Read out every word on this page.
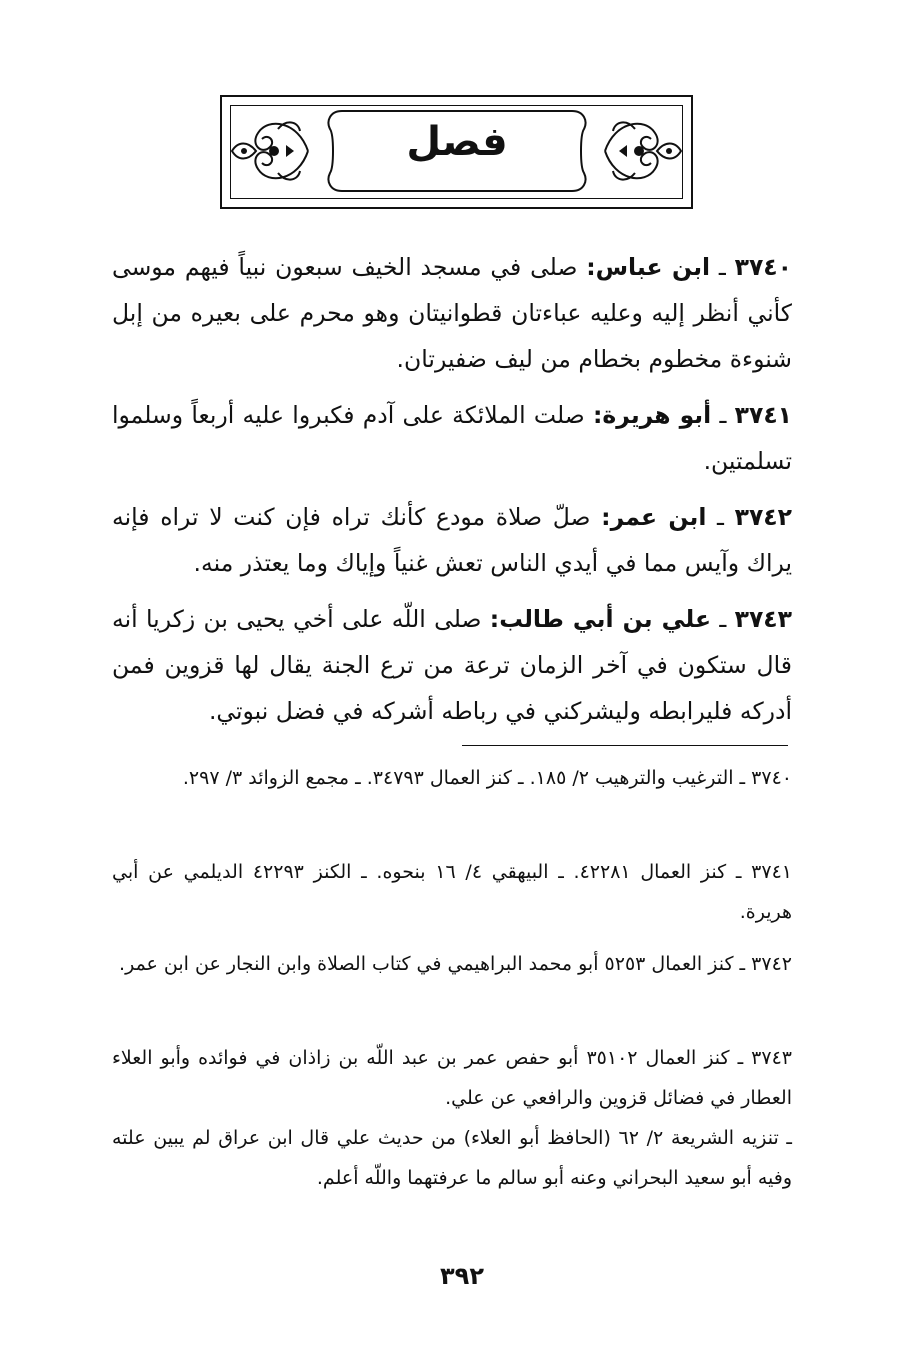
فصل
٣٧٤٠ ـ ابن عباس: صلى في مسجد الخيف سبعون نبياً فيهم موسى كأني أنظر إليه وعليه عباءتان قطوانيتان وهو محرم على بعيره من إبل شنوءة مخطوم بخطام من ليف ضفيرتان.
٣٧٤١ ـ أبو هريرة: صلت الملائكة على آدم فكبروا عليه أربعاً وسلموا تسلمتين.
٣٧٤٢ ـ ابن عمر: صلّ صلاة مودع كأنك تراه فإن كنت لا تراه فإنه يراك وآيس مما في أيدي الناس تعش غنياً وإياك وما يعتذر منه.
٣٧٤٣ ـ علي بن أبي طالب: صلى اللّه على أخي يحيى بن زكريا أنه قال ستكون في آخر الزمان ترعة من ترع الجنة يقال لها قزوين فمن أدركه فليرابطه وليشركني في رباطه أشركه في فضل نبوتي.
٣٧٤٠ ـ الترغيب والترهيب ٢/ ١٨٥. ـ كنز العمال ٣٤٧٩٣. ـ مجمع الزوائد ٣/ ٢٩٧.
٣٧٤١ ـ كنز العمال ٤٢٢٨١. ـ البيهقي ٤/ ١٦ بنحوه. ـ الكنز ٤٢٢٩٣ الديلمي عن أبي هريرة.
٣٧٤٢ ـ كنز العمال ٥٢٥٣ أبو محمد البراهيمي في كتاب الصلاة وابن النجار عن ابن عمر.
٣٧٤٣ ـ كنز العمال ٣٥١٠٢ أبو حفص عمر بن عبد اللّه بن زاذان في فوائده وأبو العلاء العطار في فضائل قزوين والرافعي عن علي.
ـ تنزيه الشريعة ٢/ ٦٢ (الحافظ أبو العلاء) من حديث علي قال ابن عراق لم يبين علته وفيه أبو سعيد البحراني وعنه أبو سالم ما عرفتهما واللّه أعلم.
٣٩٢
